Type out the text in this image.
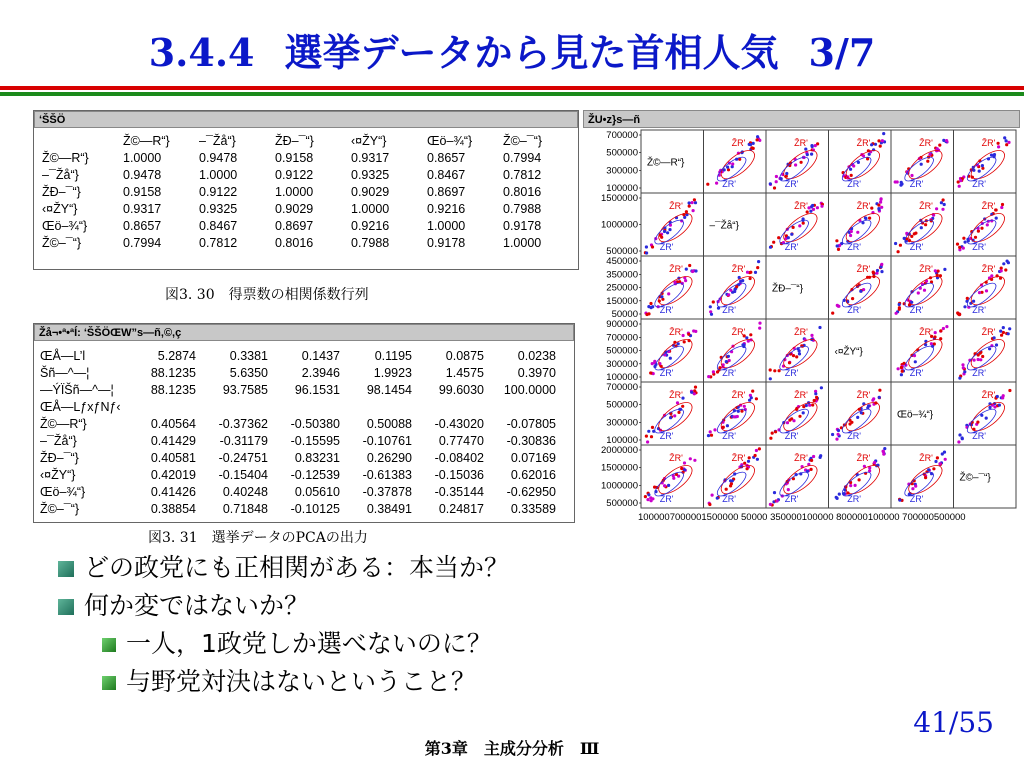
3.4.4 選挙データから見た首相人気 3/7
‘ŠŠÖ
	Ž©—R“}	–¯Žå“}	ŽÐ–¯“}	‹¤ŽY“}	Œö–¾“}	Ž©–¯“}
Ž©—R“}	1.0000	0.9478	0.9158	0.9317	0.8657	0.7994
–¯Žå“}	0.9478	1.0000	0.9122	0.9325	0.8467	0.7812
ŽÐ–¯“}	0.9158	0.9122	1.0000	0.9029	0.8697	0.8016
‹¤ŽY“}	0.9317	0.9325	0.9029	1.0000	0.9216	0.7988
Œö–¾“}	0.8657	0.8467	0.8697	0.9216	1.0000	0.9178
Ž©–¯“}	0.7994	0.7812	0.8016	0.7988	0.9178	1.0000
図3. 30　得票数の相関係数行列
Žå¬•ª•ªÍ: ‘ŠŠÖŒW”s—ñ,©,ç
ŒÅ—L’l	5.2874	0.3381	0.1437	0.1195	0.0875	0.0238
Šñ—^—¦	88.1235	5.6350	2.3946	1.9923	1.4575	0.3970
—ÝÏŠñ—^—¦	88.1235	93.7585	96.1531	98.1454	99.6030	100.0000
ŒÅ—LƒxƒNƒ‹						
Ž©—R“}	0.40564	-0.37362	-0.50380	0.50088	-0.43020	-0.07805
–¯Žå“}	0.41429	-0.31179	-0.15595	-0.10761	0.77470	-0.30836
ŽÐ–¯“}	0.40581	-0.24751	0.83231	0.26290	-0.08402	0.07169
‹¤ŽY“}	0.42019	-0.15404	-0.12539	-0.61383	-0.15036	0.62016
Œö–¾“}	0.41426	0.40248	0.05610	-0.37878	-0.35144	-0.62950
Ž©–¯“}	0.38854	0.71848	-0.10125	0.38491	0.24817	0.33589
図3. 31　選挙データのPCAの出力
ŽU•z}s—ñ
Ž©—R“}
ŽR'
ŽR'
ŽR'
ŽR'
ŽR'
ŽR'
ŽR'
ŽR'
ŽR'
ŽR'
700000
500000
300000
100000
ŽR'
ŽR'
–¯Žå“}
ŽR'
ŽR'
ŽR'
ŽR'
ŽR'
ŽR'
ŽR'
ŽR'
1500000
1000000
500000
ŽR'
ŽR'
ŽR'
ŽR'
ŽÐ–¯“}
ŽR'
ŽR'
ŽR'
ŽR'
ŽR'
ŽR'
450000
350000
250000
150000
50000
ŽR'
ŽR'
ŽR'
ŽR'
ŽR'
ŽR'
‹¤ŽY“}
ŽR'
ŽR'
ŽR'
ŽR'
900000
700000
500000
300000
100000
ŽR'
ŽR'
ŽR'
ŽR'
ŽR'
ŽR'
ŽR'
ŽR'
Œö–¾“}
ŽR'
ŽR'
700000
500000
300000
100000
ŽR'
ŽR'
ŽR'
ŽR'
ŽR'
ŽR'
ŽR'
ŽR'
ŽR'
ŽR'
Ž©–¯“}
2000000
1500000
1000000
500000
1000007000001500000 50000 350000100000 800000100000 700000500000
どの政党にも正相関がある：本当か？
何か変ではないか？
一人，1政党しか選べないのに？
与野党対決はないということ？
41/55
第3章　主成分分析　Ⅲ
